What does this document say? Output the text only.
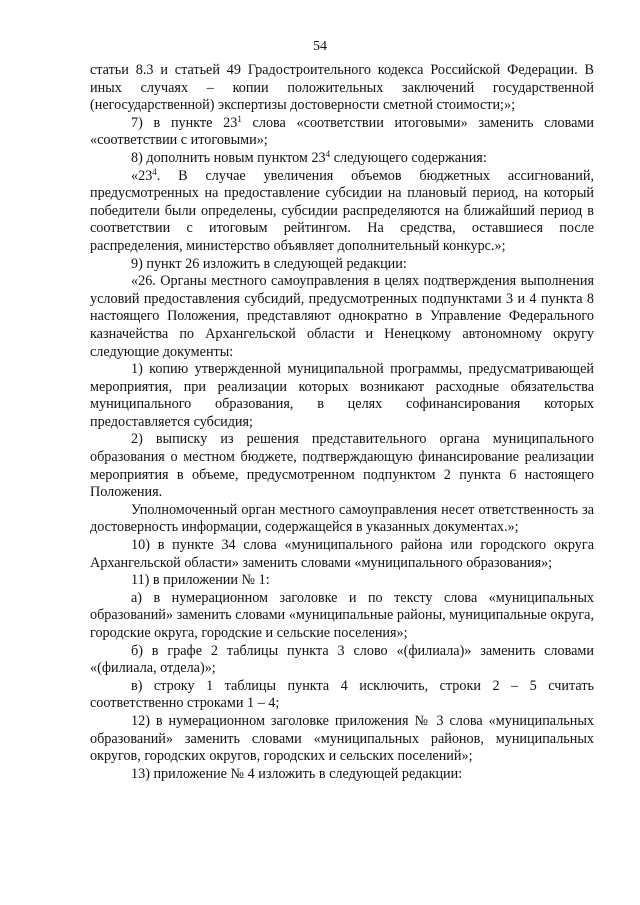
54

статьи 8.3 и статьей 49 Градостроительного кодекса Российской Федерации. В иных случаях – копии положительных заключений государственной (негосударственной) экспертизы достоверности сметной стоимости;»;

7) в пункте $23^1$ слова «соответствии итоговыми» заменить словами «соответствии с итоговыми»;

8) дополнить новым пунктом $23^4$ следующего содержания:

«$23^4$. В случае увеличения объемов бюджетных ассигнований, предусмотренных на предоставление субсидии на плановый период, на который победители были определены, субсидии распределяются на ближайший период в соответствии с итоговым рейтингом. На средства, оставшиеся после распределения, министерство объявляет дополнительный конкурс.»;

9) пункт 26 изложить в следующей редакции:

«26. Органы местного самоуправления в целях подтверждения выполнения условий предоставления субсидий, предусмотренных подпунктами 3 и 4 пункта 8 настоящего Положения, представляют однократно в Управление Федерального казначейства по Архангельской области и Ненецкому автономному округу следующие документы:

1) копию утвержденной муниципальной программы, предусматривающей мероприятия, при реализации которых возникают расходные обязательства муниципального образования, в целях софинансирования которых предоставляется субсидия;

2) выписку из решения представительного органа муниципального образования о местном бюджете, подтверждающую финансирование реализации мероприятия в объеме, предусмотренном подпунктом 2 пункта 6 настоящего Положения.

Уполномоченный орган местного самоуправления несет ответственность за достоверность информации, содержащейся в указанных документах.»;

10) в пункте 34 слова «муниципального района или городского округа Архангельской области» заменить словами «муниципального образования»;

11) в приложении № 1:

а) в нумерационном заголовке и по тексту слова «муниципальных образований» заменить словами «муниципальные районы, муниципальные округа, городские округа, городские и сельские поселения»;

б) в графе 2 таблицы пункта 3 слово «(филиала)» заменить словами «(филиала, отдела)»;

в) строку 1 таблицы пункта 4 исключить, строки 2 – 5 считать соответственно строками 1 – 4;

12) в нумерационном заголовке приложения № 3 слова «муниципальных образований» заменить словами «муниципальных районов, муниципальных округов, городских округов, городских и сельских поселений»;

13) приложение № 4 изложить в следующей редакции:
